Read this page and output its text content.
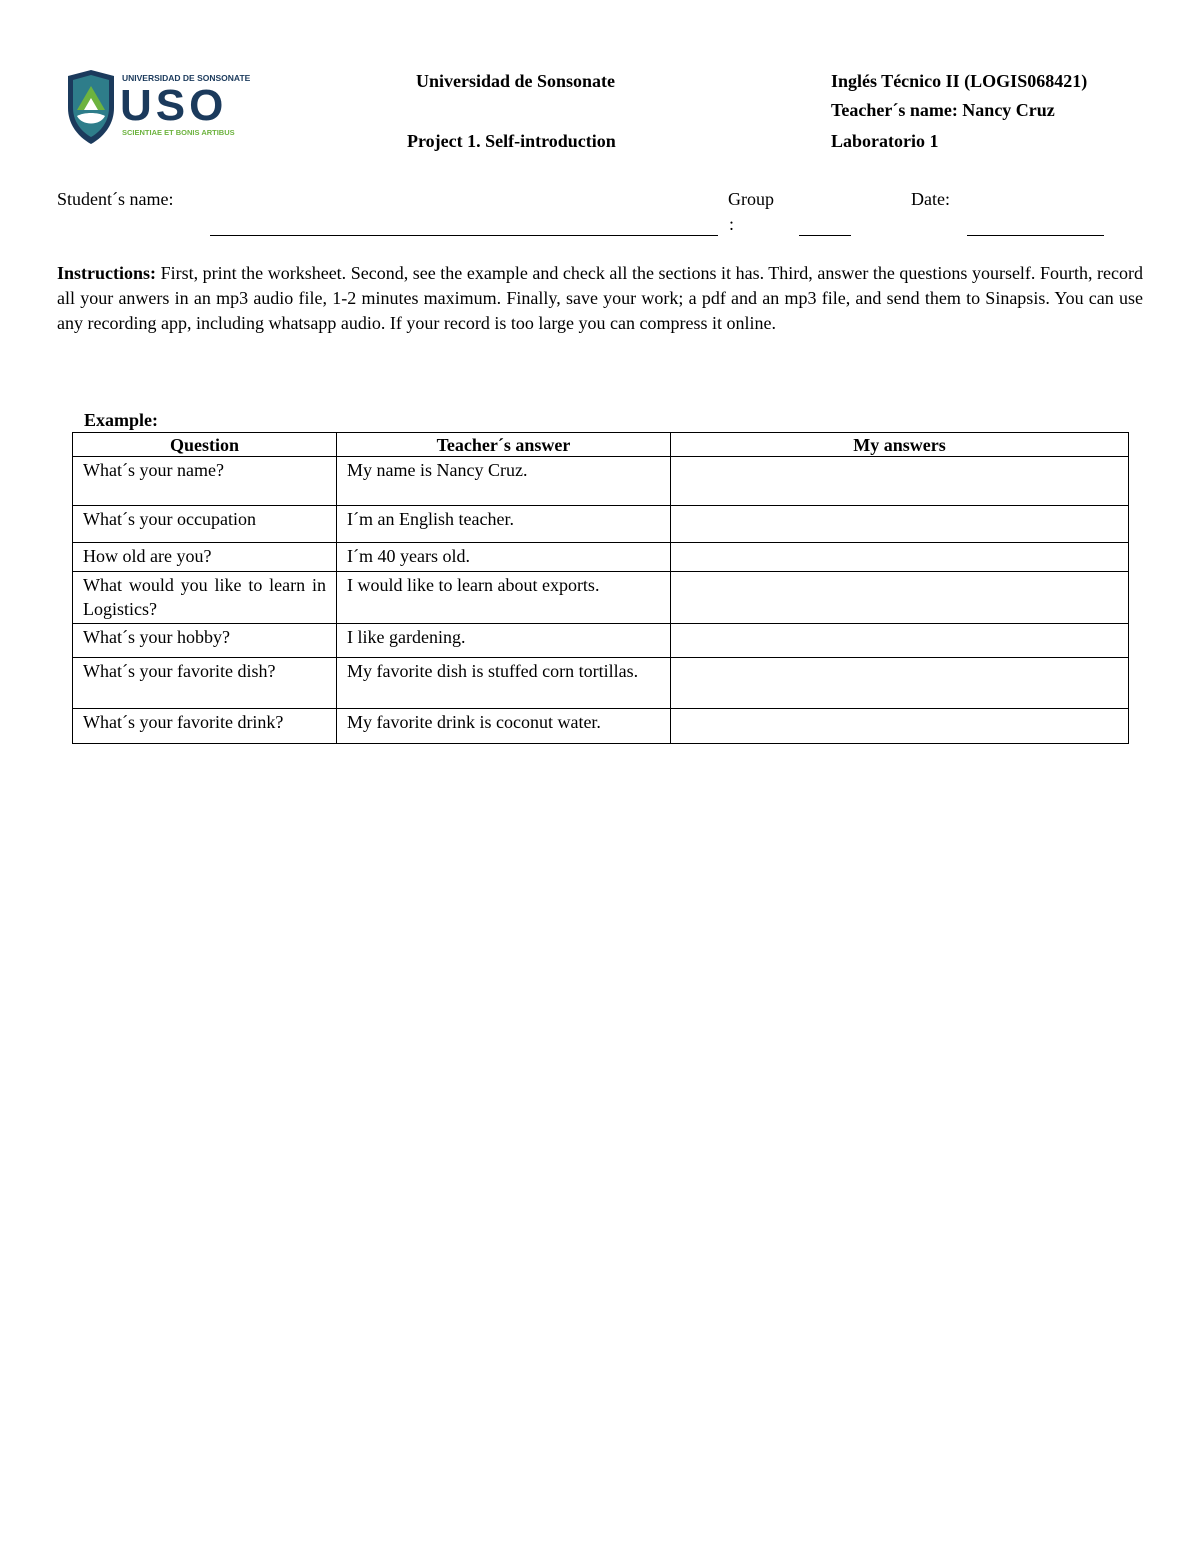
UNIVERSIDAD DE SONSONATE
USO
SCIENTIAE ET BONIS ARTIBUS
Universidad de Sonsonate
Project 1. Self-introduction
Inglés Técnico II (LOGIS068421)
Teacher´s name: Nancy Cruz
Laboratorio 1
Student´s name:	Group
:
Date:
Instructions: First, print the worksheet. Second, see the example and check all the sections it has. Third, answer the questions yourself. Fourth, record all your anwers in an mp3 audio file, 1-2 minutes maximum. Finally, save your work; a pdf and an mp3 file, and send them to Sinapsis. You can use any recording app, including whatsapp audio. If your record is too large you can compress it online.
Example:
Question	Teacher´s answer	My answers
What´s your name?	My name is Nancy Cruz.	
What´s your occupation	I´m an English teacher.	
How old are you?	I´m 40 years old.	
What would you like to learn in Logistics?	I would like to learn about exports.	
What´s your hobby?	I like gardening.	
What´s your favorite dish?	My favorite dish is stuffed corn tortillas.	
What´s your favorite drink?	My favorite drink is coconut water.	
